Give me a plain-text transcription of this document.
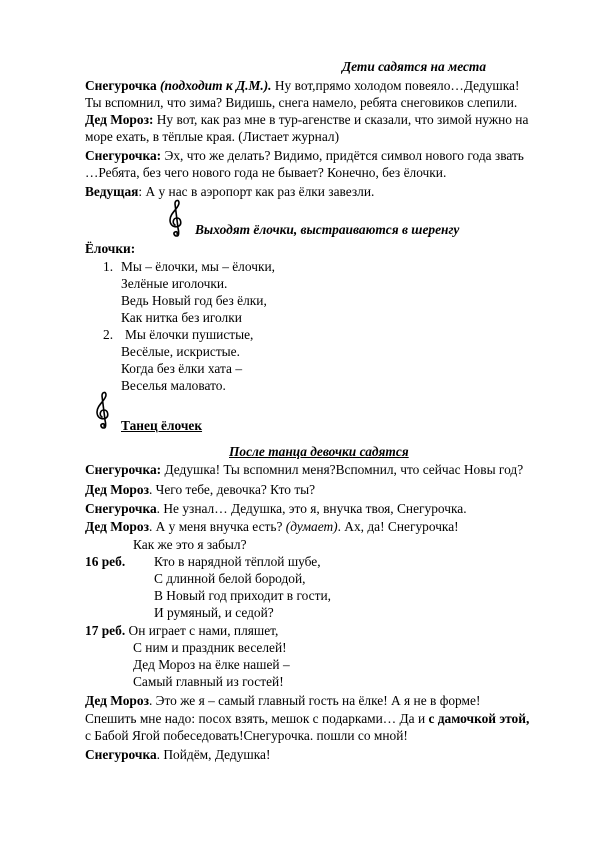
Дети садятся на места
Снегурочка (подходит к Д.М.). Ну вот,прямо холодом повеяло…Дедушка!
Ты вспомнил, что зима? Видишь, снега намело, ребята снеговиков слепили.
Дед Мороз: Ну вот, как раз мне в тур-агенстве и сказали, что зимой нужно на
море ехать, в тёплые края. (Листает журнал)
Снегурочка: Эх, что же делать? Видимо, придётся символ нового года звать
…Ребята, без чего нового года не бывает? Конечно, без ёлочки.
Ведущая: А у нас в аэропорт как раз ёлки завезли.
Выходят ёлочки, выстраиваются в шеренгу
Ёлочки:
1. Мы – ёлочки, мы – ёлочки,
Зелёные иголочки.
Ведь Новый год без ёлки,
Как нитка без иголки
2. Мы ёлочки пушистые,
Весёлые, искристые.
Когда без ёлки хата –
Веселья маловато.
Танец ёлочек
После танца девочки садятся
Снегурочка: Дедушка! Ты вспомнил меня?Вспомнил, что сейчас Новы год?
Дед Мороз. Чего тебе, девочка? Кто ты?
Снегурочка. Не узнал… Дедушка, это я, внучка твоя, Снегурочка.
Дед Мороз. А у меня внучка есть? (думает). Ах, да! Снегурочка!
Как же это я забыл?
16 реб. Кто в нарядной тёплой шубе,
С длинной белой бородой,
В Новый год приходит в гости,
И румяный, и седой?
17 реб. Он играет с нами, пляшет,
С ним и праздник веселей!
Дед Мороз на ёлке нашей –
Самый главный из гостей!
Дед Мороз. Это же я – самый главный гость на ёлке! А я не в форме!
Спешить мне надо: посох взять, мешок с подарками… Да и с дамочкой этой,
с Бабой Ягой побеседовать!Снегурочка. пошли со мной!
Снегурочка. Пойдём, Дедушка!
